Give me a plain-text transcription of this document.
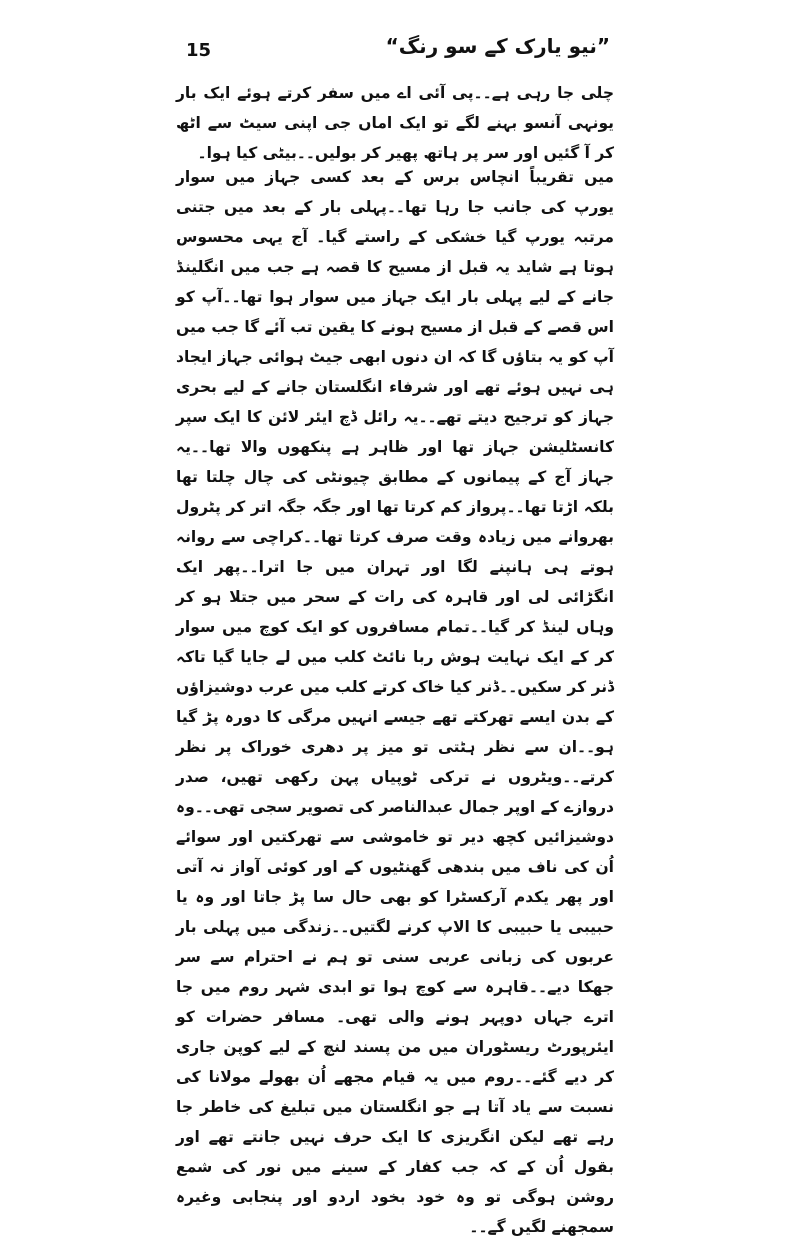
15	”نیو یارک کے سو رنگ“

چلی جا رہی ہے۔۔پی آئی اے میں سفر کرتے ہوئے ایک بار یونہی آنسو بہنے لگے تو ایک اماں جی اپنی سیٹ سے اٹھ کر آ گئیں اور سر پر ہاتھ پھیر کر بولیں۔۔بیٹی کیا ہوا۔

میں تقریباً انچاس برس کے بعد کسی جہاز میں سوار یورپ کی جانب جا رہا تھا۔۔پہلی بار کے بعد میں جتنی مرتبہ یورپ گیا خشکی کے راستے گیا۔ آج یہی محسوس ہوتا ہے شاید یہ قبل از مسیح کا قصہ ہے جب میں انگلینڈ جانے کے لیے پہلی بار ایک جہاز میں سوار ہوا تھا۔۔آپ کو اس قصے کے قبل از مسیح ہونے کا یقین تب آئے گا جب میں آپ کو یہ بتاؤں گا کہ ان دنوں ابھی جیٹ ہوائی جہاز ایجاد ہی نہیں ہوئے تھے اور شرفاء انگلستان جانے کے لیے بحری جہاز کو ترجیح دیتے تھے۔۔یہ رائل ڈچ ایئر لائن کا ایک سپر کانسٹلیشن جہاز تھا اور ظاہر ہے پنکھوں والا تھا۔۔یہ جہاز آج کے پیمانوں کے مطابق چیونٹی کی چال چلتا تھا بلکہ اڑتا تھا۔۔پرواز کم کرتا تھا اور جگہ جگہ اتر کر پٹرول بھروانے میں زیادہ وقت صرف کرتا تھا۔۔کراچی سے روانہ ہوتے ہی ہانپنے لگا اور تہران میں جا اترا۔۔پھر ایک انگڑائی لی اور قاہرہ کی رات کے سحر میں جتلا ہو کر وہاں لینڈ کر گیا۔۔تمام مسافروں کو ایک کوچ میں سوار کر کے ایک نہایت ہوش ربا نائٹ کلب میں لے جایا گیا تاکہ ڈنر کر سکیں۔۔ڈنر کیا خاک کرتے کلب میں عرب دوشیزاؤں کے بدن ایسے تھرکتے تھے جیسے انہیں مرگی کا دورہ پڑ گیا ہو۔۔ان سے نظر ہٹتی تو میز پر دھری خوراک پر نظر کرتے۔۔ویٹروں نے ترکی ٹوپیاں پہن رکھی تھیں، صدر دروازے کے اوپر جمال عبدالناصر کی تصویر سجی تھی۔۔وہ دوشیزائیں کچھ دیر تو خاموشی سے تھرکتیں اور سوائے اُن کی ناف میں بندھی گھنٹیوں کے اور کوئی آواز نہ آتی اور پھر یکدم آرکسٹرا کو بھی حال سا پڑ جاتا اور وہ یا حبیبی یا حبیبی کا الاپ کرنے لگتیں۔۔زندگی میں پہلی بار عربوں کی زبانی عربی سنی تو ہم نے احترام سے سر جھکا دیے۔۔قاہرہ سے کوچ ہوا تو ابدی شہر روم میں جا اترے جہاں دوپہر ہونے والی تھی۔ مسافر حضرات کو ایئرپورٹ ریسٹوران میں من پسند لنچ کے لیے کوپن جاری کر دیے گئے۔۔روم میں یہ قیام مجھے اُن بھولے مولانا کی نسبت سے یاد آتا ہے جو انگلستان میں تبلیغ کی خاطر جا رہے تھے لیکن انگریزی کا ایک حرف نہیں جانتے تھے اور بقول اُن کے کہ جب کفار کے سینے میں نور کی شمع روشن ہوگی تو وہ خود بخود اردو اور پنجابی وغیرہ سمجھنے لگیں گے۔۔
